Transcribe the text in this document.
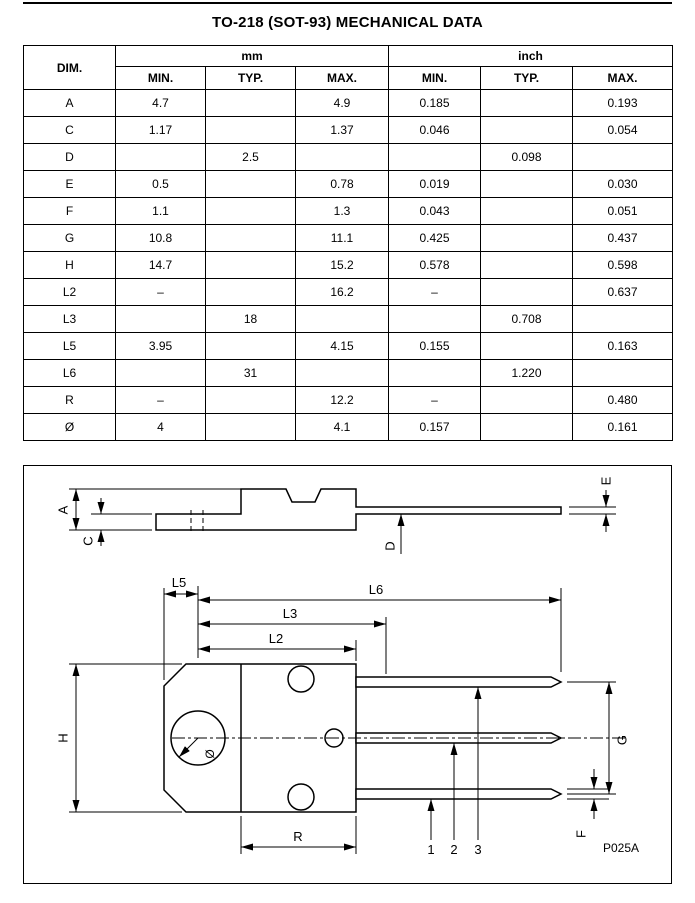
TO-218 (SOT-93) MECHANICAL DATA
DIM.	mm			inch		
	MIN.	TYP.	MAX.	MIN.	TYP.	MAX.
A	4.7		4.9	0.185		0.193
C	1.17		1.37	0.046		0.054
D		2.5			0.098	
E	0.5		0.78	0.019		0.030
F	1.1		1.3	0.043		0.051
G	10.8		11.1	0.425		0.437
H	14.7		15.2	0.578		0.598
L2	–		16.2	–		0.637
L3		18			0.708	
L5	3.95		4.15	0.155		0.163
L6		31			1.220	
R	–		12.2	–		0.480
Ø	4		4.1	0.157		0.161
A
C
E
D
Ø
L5	L6
L3
L2
H	G
F
R
1 2 3	P025A
